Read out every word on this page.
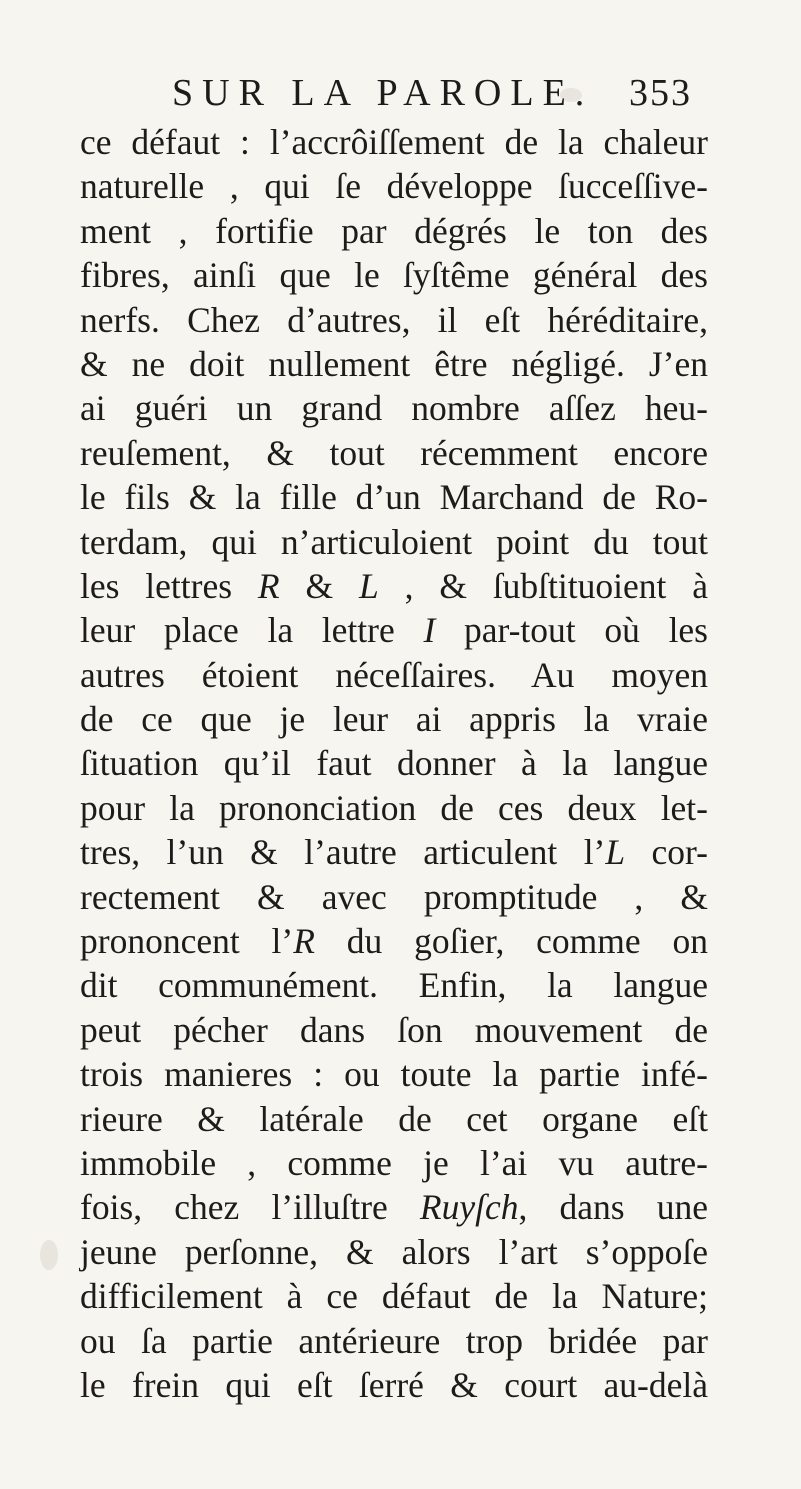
SUR LA PAROLE. 353
ce défaut : l’accrôiſſement de la chaleur
naturelle , qui ſe développe ſucceſſive-
ment , fortifie par dégrés le ton des
fibres, ainſi que le ſyſtême général des
nerfs. Chez d’autres, il eſt héréditaire,
& ne doit nullement être négligé. J’en
ai guéri un grand nombre aſſez heu-
reuſement, & tout récemment encore
le fils & la fille d’un Marchand de Ro-
terdam, qui n’articuloient point du tout
les lettres R & L , & ſubſtituoient à
leur place la lettre I par-tout où les
autres étoient néceſſaires. Au moyen
de ce que je leur ai appris la vraie
ſituation qu’il faut donner à la langue
pour la prononciation de ces deux let-
tres, l’un & l’autre articulent l’L cor-
rectement & avec promptitude , &
prononcent l’R du goſier, comme on
dit communément. Enfin, la langue
peut pécher dans ſon mouvement de
trois manieres : ou toute la partie infé-
rieure & latérale de cet organe eſt
immobile , comme je l’ai vu autre-
fois, chez l’illuſtre Ruyſch, dans une
jeune perſonne, & alors l’art s’oppoſe
difficilement à ce défaut de la Nature;
ou ſa partie antérieure trop bridée par
le frein qui eſt ſerré & court au-delà
